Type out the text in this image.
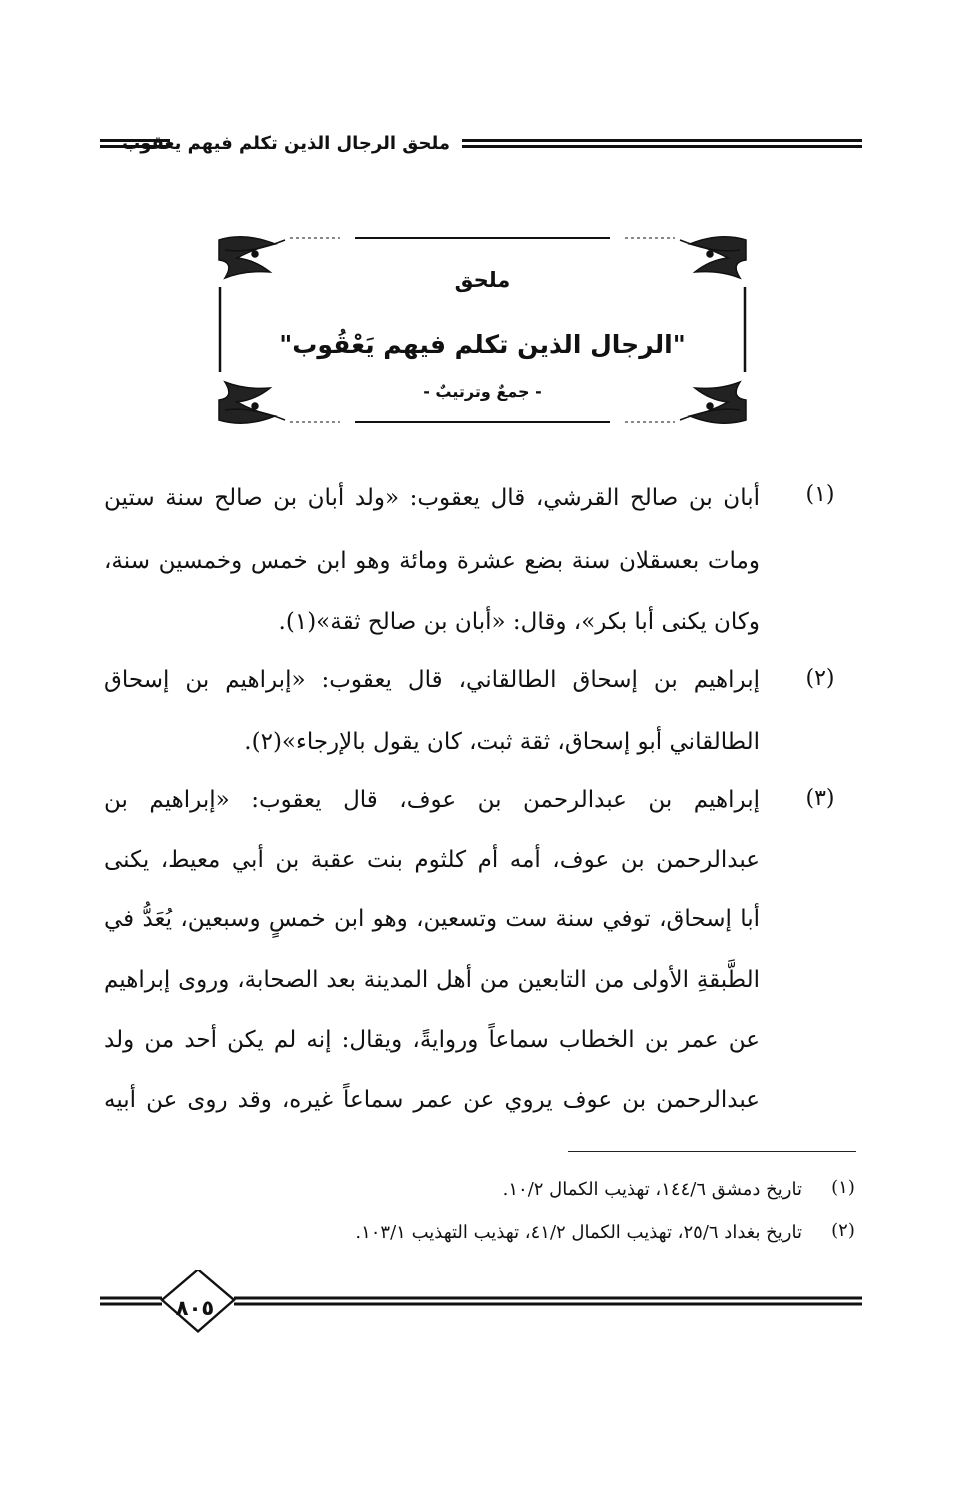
ملحق الرجال الذين تكلم فيهم يعقوب
ملحق
"الرجال الذين تكلم فيهم يَعْقُوب"
- جمعٌ وترتيبٌ -
(١)
أبان بن صالح القرشي، قال يعقوب: «ولد أبان بن صالح سنة ستين
ومات بعسقلان سنة بضع عشرة ومائة وهو ابن خمس وخمسين سنة،
وكان يكنى أبا بكر»، وقال: «أبان بن صالح ثقة»(١).
(٢)
إبراهيم بن إسحاق الطالقاني، قال يعقوب: «إبراهيم بن إسحاق
الطالقاني أبو إسحاق، ثقة ثبت، كان يقول بالإرجاء»(٢).
(٣)
إبراهيم بن عبدالرحمن بن عوف، قال يعقوب: «إبراهيم بن
عبدالرحمن بن عوف، أمه أم كلثوم بنت عقبة بن أبي معيط، يكنى
أبا إسحاق، توفي سنة ست وتسعين، وهو ابن خمسٍ وسبعين، يُعَدُّ في
الطَّبقةِ الأولى من التابعين من أهل المدينة بعد الصحابة، وروى إبراهيم
عن عمر بن الخطاب سماعاً وروايةً، ويقال: إنه لم يكن أحد من ولد
عبدالرحمن بن عوف يروي عن عمر سماعاً غيره، وقد روى عن أبيه
(١)
تاريخ دمشق ١٤٤/٦، تهذيب الكمال ١٠/٢.
(٢)
تاريخ بغداد ٢٥/٦، تهذيب الكمال ٤١/٢، تهذيب التهذيب ١٠٣/١.
٨٠٥
